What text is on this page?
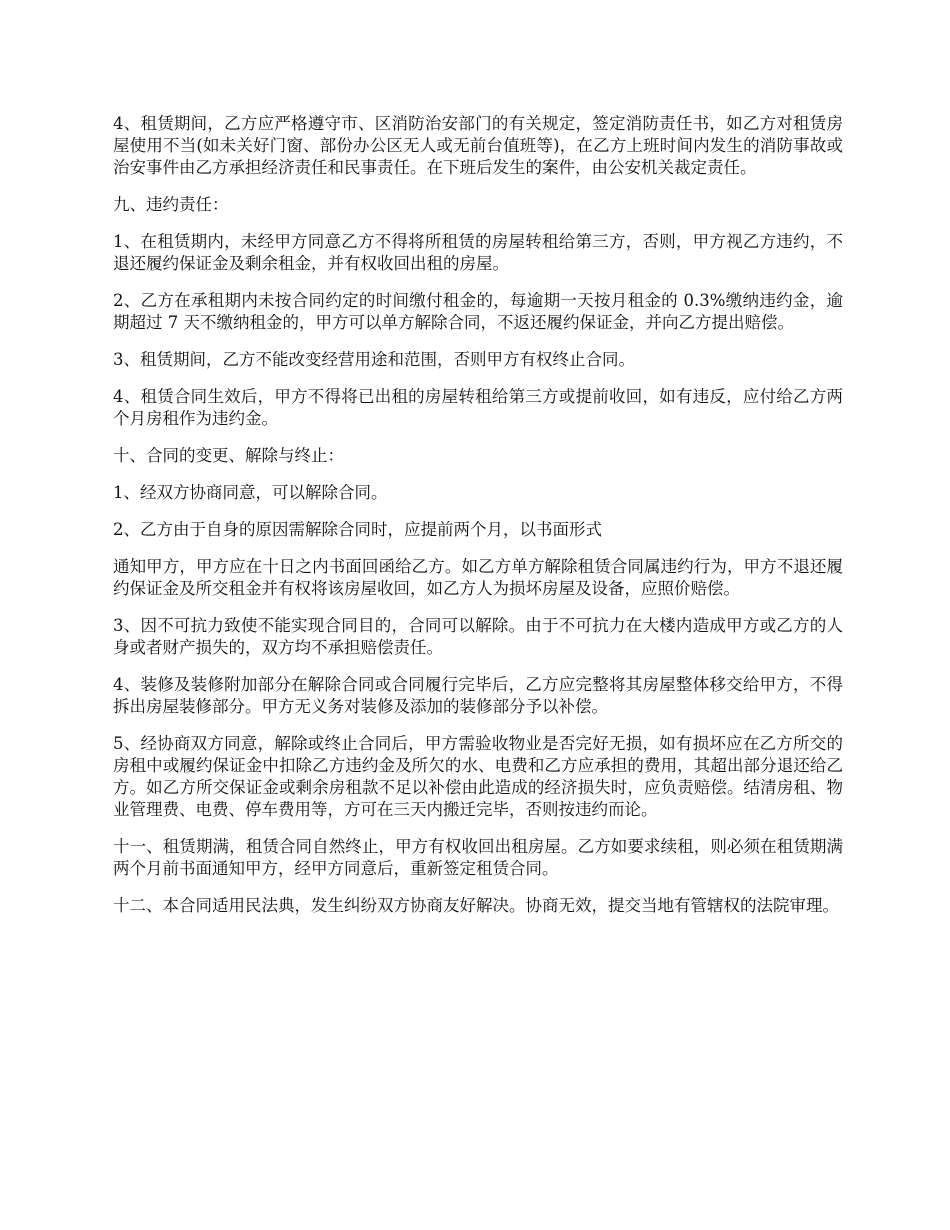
4、租赁期间，乙方应严格遵守市、区消防治安部门的有关规定，签定消防责任书，如乙方对租赁房屋使用不当(如未关好门窗、部份办公区无人或无前台值班等)，在乙方上班时间内发生的消防事故或治安事件由乙方承担经济责任和民事责任。在下班后发生的案件，由公安机关裁定责任。

九、违约责任：

1、在租赁期内，未经甲方同意乙方不得将所租赁的房屋转租给第三方，否则，甲方视乙方违约，不退还履约保证金及剩余租金，并有权收回出租的房屋。

2、乙方在承租期内未按合同约定的时间缴付租金的，每逾期一天按月租金的 0.3%缴纳违约金，逾期超过 7 天不缴纳租金的，甲方可以单方解除合同，不返还履约保证金，并向乙方提出赔偿。

3、租赁期间，乙方不能改变经营用途和范围，否则甲方有权终止合同。

4、租赁合同生效后，甲方不得将已出租的房屋转租给第三方或提前收回，如有违反，应付给乙方两个月房租作为违约金。

十、合同的变更、解除与终止：

1、经双方协商同意，可以解除合同。

2、乙方由于自身的原因需解除合同时，应提前两个月，以书面形式

通知甲方，甲方应在十日之内书面回函给乙方。如乙方单方解除租赁合同属违约行为，甲方不退还履约保证金及所交租金并有权将该房屋收回，如乙方人为损坏房屋及设备，应照价赔偿。

3、因不可抗力致使不能实现合同目的，合同可以解除。由于不可抗力在大楼内造成甲方或乙方的人身或者财产损失的，双方均不承担赔偿责任。

4、装修及装修附加部分在解除合同或合同履行完毕后，乙方应完整将其房屋整体移交给甲方，不得拆出房屋装修部分。甲方无义务对装修及添加的装修部分予以补偿。

5、经协商双方同意，解除或终止合同后，甲方需验收物业是否完好无损，如有损坏应在乙方所交的房租中或履约保证金中扣除乙方违约金及所欠的水、电费和乙方应承担的费用，其超出部分退还给乙方。如乙方所交保证金或剩余房租款不足以补偿由此造成的经济损失时，应负责赔偿。结清房租、物业管理费、电费、停车费用等，方可在三天内搬迁完毕，否则按违约而论。

十一、租赁期满，租赁合同自然终止，甲方有权收回出租房屋。乙方如要求续租，则必须在租赁期满两个月前书面通知甲方，经甲方同意后，重新签定租赁合同。

十二、本合同适用民法典，发生纠纷双方协商友好解决。协商无效，提交当地有管辖权的法院审理。
